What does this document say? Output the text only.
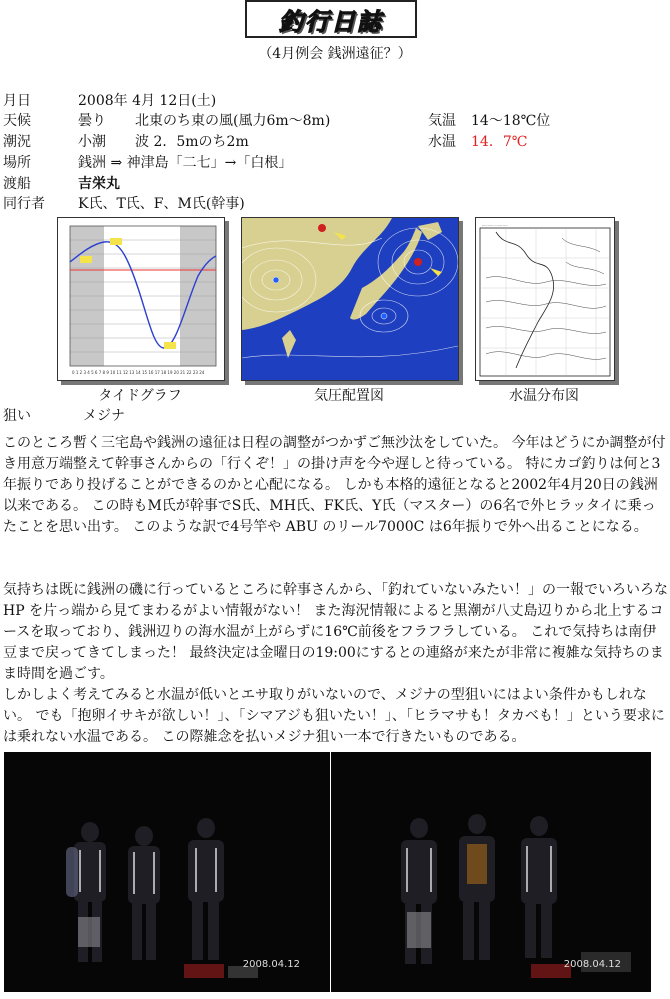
釣行日誌
（4月例会 銭洲遠征？）
月日	2008年 4月 12日(土)
天候	曇り 北東のち東の風(風力6m～8m)	気温 14～18℃位
潮況	小潮 波 2．5mのち2m	水温 14．7℃
場所	銭洲 ⇒ 神津島「二七」→「白根」
渡船	吉栄丸
同行者 K氏、T氏、F、M氏(幹事)
0 1 2 3 4 5 6 7 8 9 10 11 12 13 14 15 16 17 18 19 20 21 22 23 24
タイドグラフ	気圧配置図
.......... ....... ....
水温分布図
狙い	メジナ

このところ暫く三宅島や銭洲の遠征は日程の調整がつかずご無沙汰をしていた。 今年はどうにか調整が付き用意万端整えて幹事さんからの「行くぞ！」の掛け声を今や遅しと待っている。 特にカゴ釣りは何と3年振りであり投げることができるのかと心配になる。 しかも本格的遠征となると2002年4月20日の銭洲以来である。 この時もM氏が幹事でS氏、MH氏、FK氏、Y氏（マスター）の6名で外ヒラッタイに乗ったことを思い出す。 このような訳で4号竿や ABU のリール7000C は6年振りで外へ出ることになる。

気持ちは既に銭洲の磯に行っているところに幹事さんから、「釣れていないみたい！」の一報でいろいろな HP を片っ端から見てまわるがよい情報がない！ また海況情報によると黒潮が八丈島辺りから北上するコースを取っており、銭洲辺りの海水温が上がらずに16℃前後をフラフラしている。 これで気持ちは南伊豆まで戻ってきてしまった！ 最終決定は金曜日の19:00にするとの連絡が来たが非常に複雑な気持ちのまま時間を過ごす。

しかしよく考えてみると水温が低いとエサ取りがいないので、メジナの型狙いにはよい条件かもしれない。 でも「抱卵イサキが欲しい！」、「シマアジも狙いたい！」、「ヒラマサも！タカベも！」という要求には乗れない水温である。 この際雑念を払いメジナ狙い一本で行きたいものである。

2008.04.12	2008.04.12
